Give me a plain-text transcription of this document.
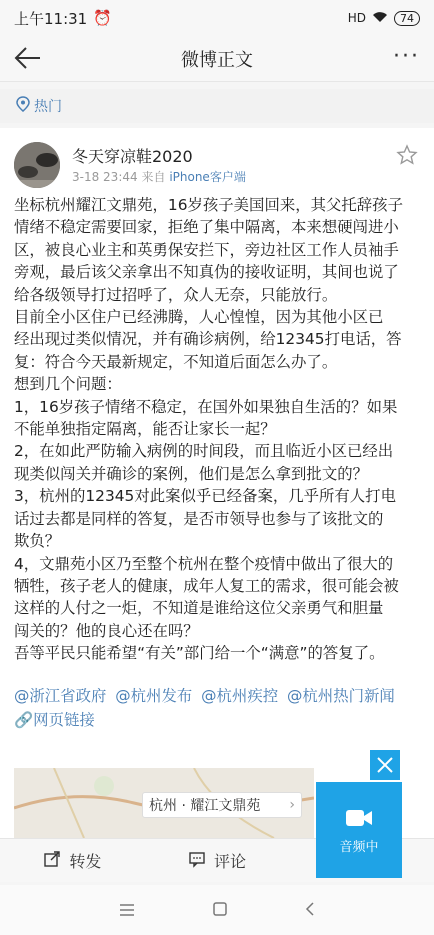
上午11:31 ⏰	HD	74
微博正文	···
热门
冬天穿凉鞋2020
3-18 23:44 来自 iPhone客户端
坐标杭州耀江文鼎苑，16岁孩子美国回来，其父托辞孩子
情绪不稳定需要回家，拒绝了集中隔离，本来想硬闯进小
区，被良心业主和英勇保安拦下，旁边社区工作人员袖手
旁观，最后该父亲拿出不知真伪的接收证明，其间也说了
给各级领导打过招呼了，众人无奈，只能放行。
目前全小区住户已经沸腾，人心惶惶，因为其他小区已
经出现过类似情况，并有确诊病例，给12345打电话，答
复：符合今天最新规定，不知道后面怎么办了。
想到几个问题：
1，16岁孩子情绪不稳定，在国外如果独自生活的？如果
不能单独指定隔离，能否让家长一起？
2，在如此严防输入病例的时间段，而且临近小区已经出
现类似闯关并确诊的案例，他们是怎么拿到批文的？
3，杭州的12345对此案似乎已经备案，几乎所有人打电
话过去都是同样的答复，是否市领导也参与了该批文的
欺负？
4，文鼎苑小区乃至整个杭州在整个疫情中做出了很大的
牺牲，孩子老人的健康，成年人复工的需求，很可能会被
这样的人付之一炬，不知道是谁给这位父亲勇气和胆量
闯关的？他的良心还在吗？
吾等平民只能希望“有关”部门给一个“满意”的答复了。
@浙江省政府 @杭州发布 @杭州疾控 @杭州热门新闻
🔗网页链接
杭州 · 耀江文鼎苑 ›
转发	评论
音频中
